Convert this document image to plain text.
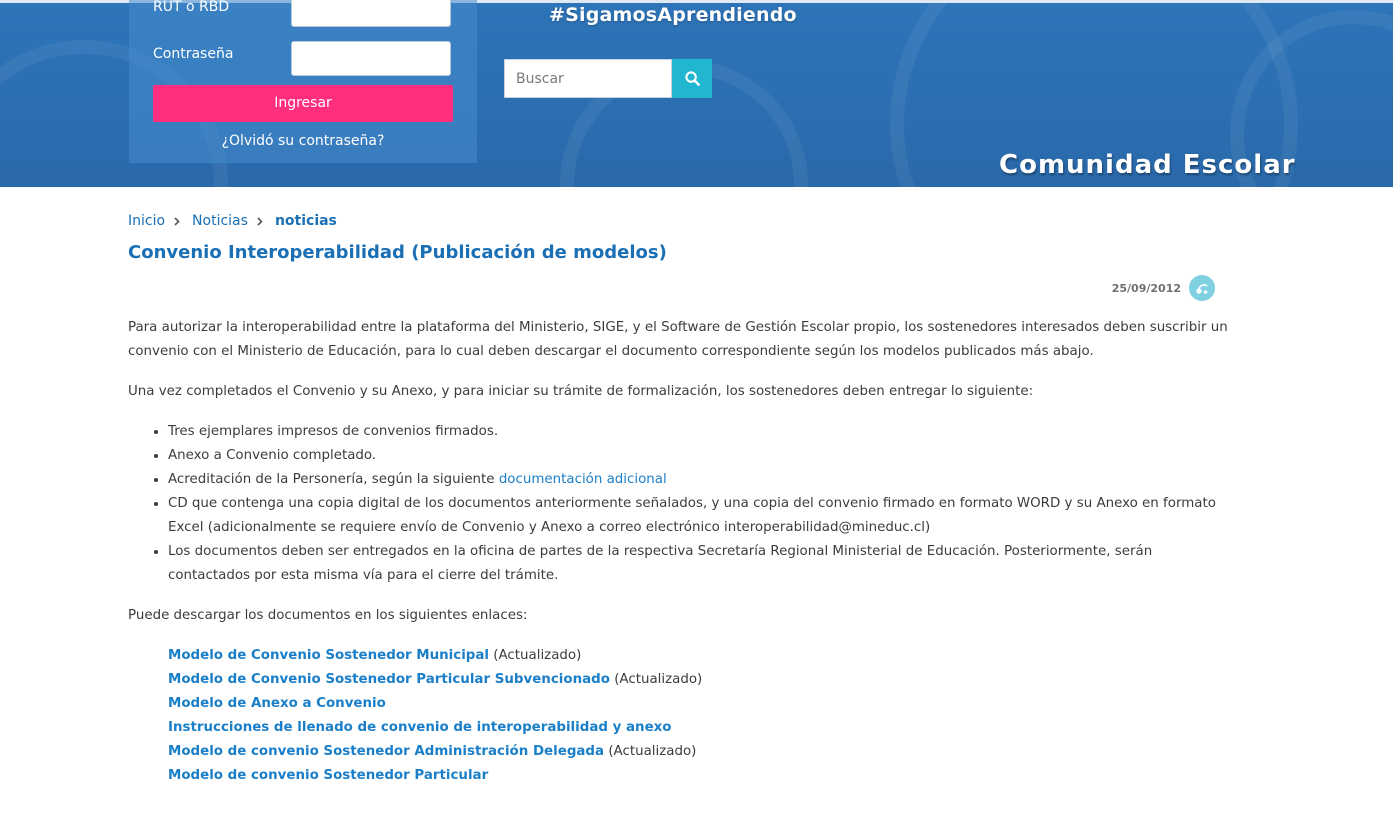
#SigamosAprendiendo
Comunidad Escolar
RUT o RBD
Contraseña
Ingresar
¿Olvidó su contraseña?
Buscar
Inicio Noticias noticias
Convenio Interoperabilidad (Publicación de modelos)
25/09/2012

Para autorizar la interoperabilidad entre la plataforma del Ministerio, SIGE, y el Software de Gestión Escolar propio, los sostenedores interesados deben suscribir un convenio con el Ministerio de Educación, para lo cual deben descargar el documento correspondiente según los modelos publicados más abajo.

Una vez completados el Convenio y su Anexo, y para iniciar su trámite de formalización, los sostenedores deben entregar lo siguiente:

• Tres ejemplares impresos de convenios firmados.
• Anexo a Convenio completado.
• Acreditación de la Personería, según la siguiente documentación adicional
• CD que contenga una copia digital de los documentos anteriormente señalados, y una copia del convenio firmado en formato WORD y su Anexo en formato Excel (adicionalmente se requiere envío de Convenio y Anexo a correo electrónico interoperabilidad@mineduc.cl)
• Los documentos deben ser entregados en la oficina de partes de la respectiva Secretaría Regional Ministerial de Educación. Posteriormente, serán contactados por esta misma vía para el cierre del trámite.

Puede descargar los documentos en los siguientes enlaces:

Modelo de Convenio Sostenedor Municipal (Actualizado)
Modelo de Convenio Sostenedor Particular Subvencionado (Actualizado)
Modelo de Anexo a Convenio
Instrucciones de llenado de convenio de interoperabilidad y anexo
Modelo de convenio Sostenedor Administración Delegada (Actualizado)
Modelo de convenio Sostenedor Particular
